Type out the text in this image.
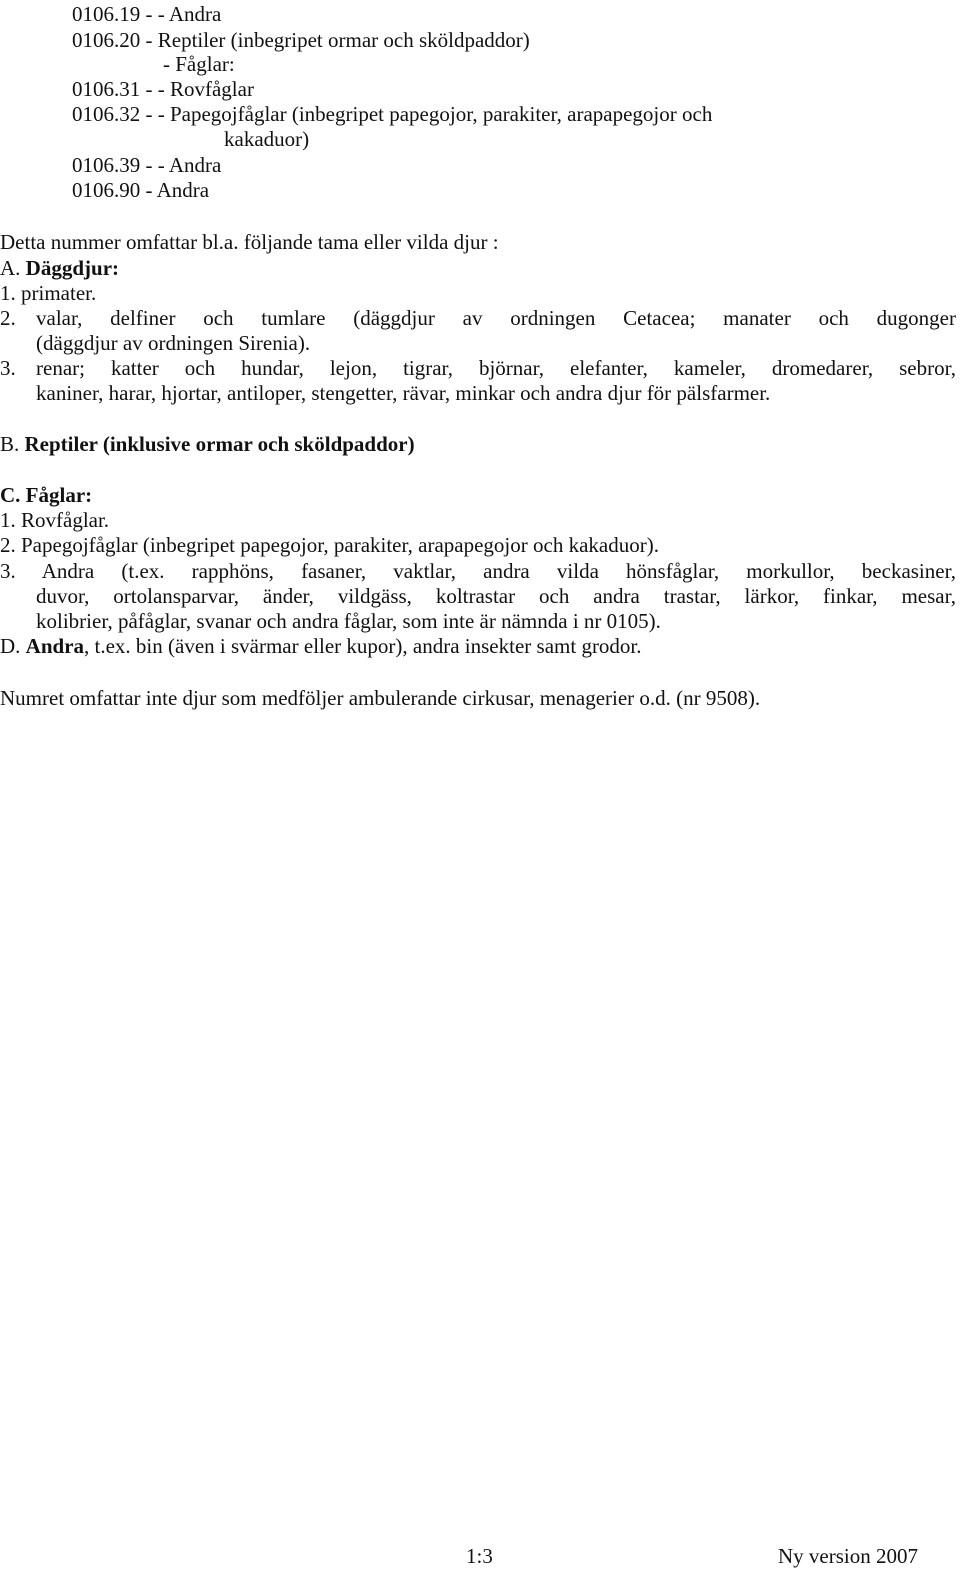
0106.19 - - Andra
0106.20 - Reptiler (inbegripet ormar och sköldpaddor)
- Fåglar:
0106.31 - - Rovfåglar
0106.32 - - Papegojfåglar (inbegripet papegojor, parakiter, arapapegojor och
kakaduor)
0106.39 - - Andra
0106.90 - Andra
Detta nummer omfattar bl.a. följande tama eller vilda djur :
A. Däggdjur:
1. primater.
2. valar, delfiner och tumlare (däggdjur av ordningen Cetacea; manater och dugonger
(däggdjur av ordningen Sirenia).
3. renar; katter och hundar, lejon, tigrar, björnar, elefanter, kameler, dromedarer, sebror,
kaniner, harar, hjortar, antiloper, stengetter, rävar, minkar och andra djur för pälsfarmer.
B. Reptiler (inklusive ormar och sköldpaddor)
C. Fåglar:
1. Rovfåglar.
2. Papegojfåglar (inbegripet papegojor, parakiter, arapapegojor och kakaduor).
3. Andra (t.ex. rapphöns, fasaner, vaktlar, andra vilda hönsfåglar, morkullor, beckasiner,
duvor, ortolansparvar, änder, vildgäss, koltrastar och andra trastar, lärkor, finkar, mesar,
kolibrier, påfåglar, svanar och andra fåglar, som inte är nämnda i nr 0105).
D. Andra, t.ex. bin (även i svärmar eller kupor), andra insekter samt grodor.
Numret omfattar inte djur som medföljer ambulerande cirkusar, menagerier o.d. (nr 9508).
1:3	Ny version 2007
